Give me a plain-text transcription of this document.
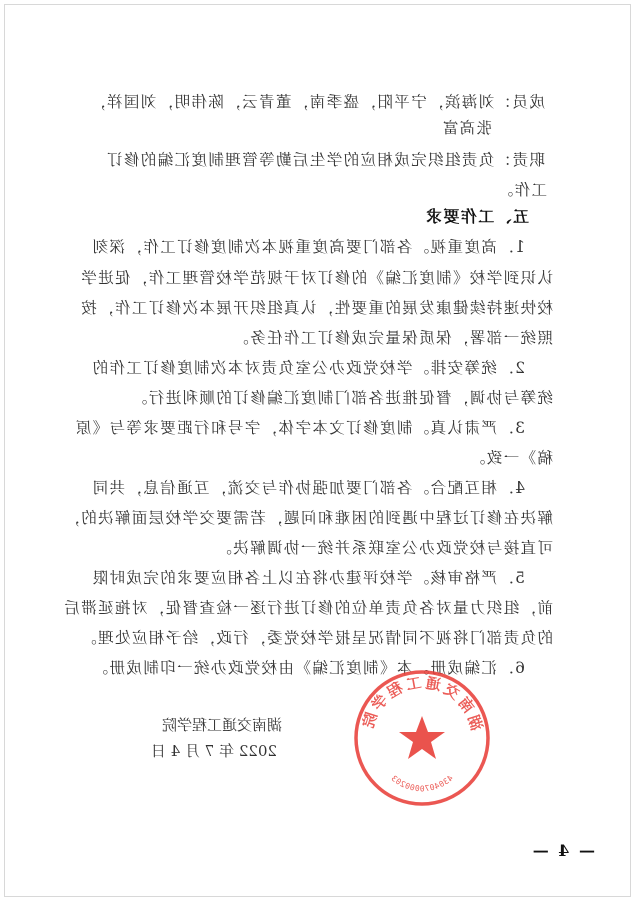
成员：刘海滨，宁平阳，盛季南，董青云，陈伟明，刘国祥，
张高富
职责：负责组织完成相应的学生后勤等管理制度汇编的修订
工作。
五、工作要求
1．高度重视。各部门要高度重视本次制度修订工作，深刻
认识到学校《制度汇编》的修订对于规范学校管理工作，促进学
校快速持续健康发展的重要性，认真组织开展本次修订工作，按
照统一部署，保质保量完成修订工作任务。
2．统筹安排。学校党政办公室负责对本次制度修订工作的
统筹与协调，督促推进各部门制度汇编修订的顺利进行。
3．严肃认真。制度修订文本字体，字号和行距要求等与《原
稿》一致。
4．相互配合。各部门要加强协作与交流，互通信息，共同
解决在修订过程中遇到的困难和问题，若需要交学校层面解决的，
可直接与校党政办公室联系并统一协调解决。
5．严格审核。学校评建办将在以上各相应要求的完成时限
前，组织力量对各负责单位的修订进行逐一检查督促，对拖延滞后
的负责部门将视不同情况呈报学校党委，行政，给予相应处理。
6．汇编成册。本《制度汇编》由校党政办统一印制成册。
湖南交通工程学院
2022 年 7 月 4 日
湖南交通工程学院
4304070000203
— 4 —
